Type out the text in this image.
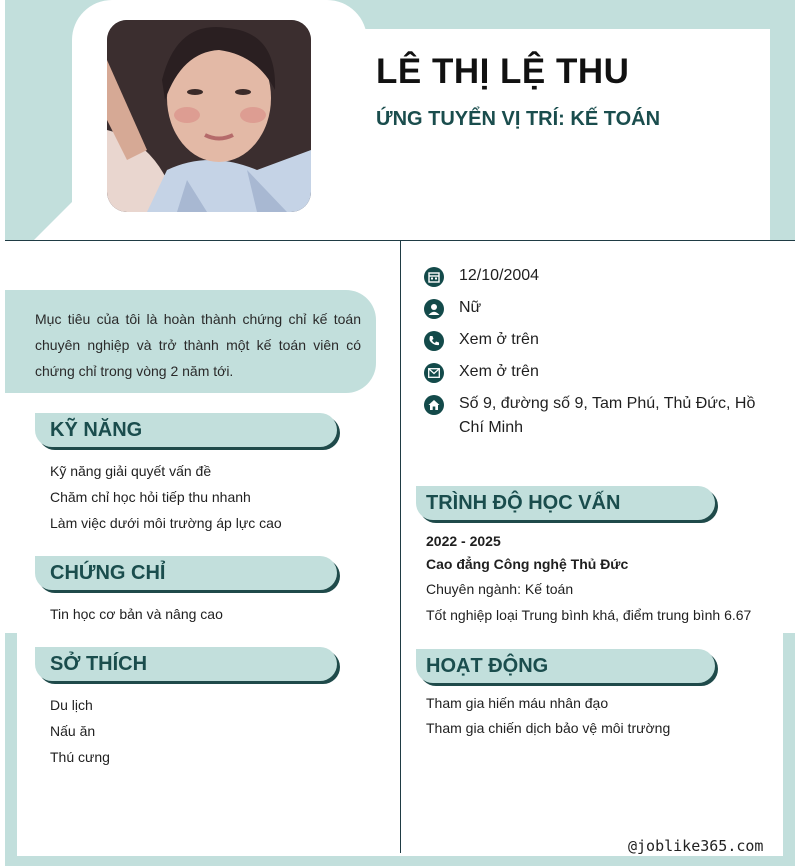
LÊ THỊ LỆ THU
ỨNG TUYỂN VỊ TRÍ: KẾ TOÁN
Mục tiêu của tôi là hoàn thành chứng chỉ kế toán chuyên nghiệp và trở thành một kế toán viên có chứng chỉ trong vòng 2 năm tới.
KỸ NĂNG
Kỹ năng giải quyết vấn đề
Chăm chỉ học hỏi tiếp thu nhanh
Làm việc dưới môi trường áp lực cao
CHỨNG CHỈ
Tin học cơ bản và nâng cao
SỞ THÍCH
Du lịch
Nấu ăn
Thú cưng
12/10/2004
Nữ
Xem ở trên
Xem ở trên
Số 9, đường số 9, Tam Phú, Thủ Đức, Hồ Chí Minh
TRÌNH ĐỘ HỌC VẤN
2022 - 2025
Cao đẳng Công nghệ Thủ Đức
Chuyên ngành: Kế toán
Tốt nghiệp loại Trung bình khá, điểm trung bình 6.67
HOẠT ĐỘNG
Tham gia hiến máu nhân đạo
Tham gia chiến dịch bảo vệ môi trường
@joblike365.com
